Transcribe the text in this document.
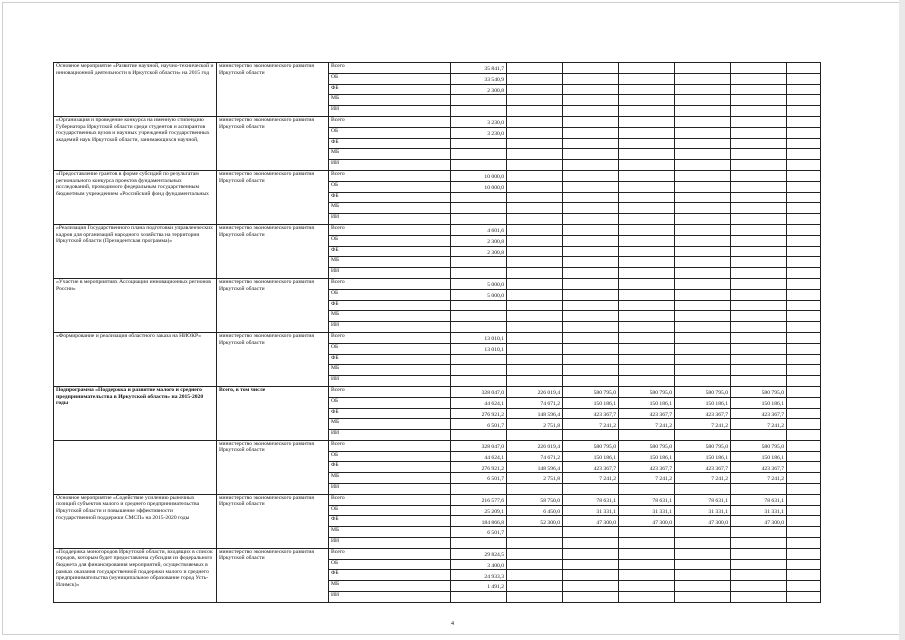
Основное мероприятие «Развитие научной, научно-технической и инновационной деятельности в Иркутской области» на 2015 год	министерство экономического развития Иркутской области	Всего	35 841,7							
		ОБ	33 540,9							
		ФБ	2 300,8							
		МБ								
		ИИ								
«Организация и проведение конкурса на именную стипендию Губернатора Иркутской области среди студентов и аспирантов государственных вузов и научных учреждений государственных академий наук Иркутской области, занимающихся научной,	министерство экономического развития Иркутской области	Всего	3 230,0							
		ОБ	3 230,0							
		ФБ								
		МБ								
		ИИ								
«Предоставление грантов в форме субсидий по результатам регионального конкурса проектов фундаментальных исследований, проводимого федеральным государственным бюджетным учреждением «Российский фонд фундаментальных	министерство экономического развития Иркутской области	Всего	10 000,0							
		ОБ	10 000,0							
		ФБ								
		МБ								
		ИИ								
«Реализация Государственного плана подготовки управленческих кадров для организаций народного хозяйства на территории Иркутской области (Президентская программа)»	министерство экономического развития Иркутской области	Всего	4 601,6							
		ОБ	2 300,8							
		ФБ	2 300,8							
		МБ								
		ИИ								
«Участие в мероприятиях Ассоциации инновационных регионов России»	министерство экономического развития Иркутской области	Всего	5 000,0							
		ОБ	5 000,0							
		ФБ								
		МБ								
		ИИ								
«Формирование и реализация областного заказа на НИОКР»	министерство экономического развития Иркутской области	Всего	13 010,1							
		ОБ	13 010,1							
		ФБ								
		МБ								
		ИИ								
Подпрограмма «Поддержка и развитие малого и среднего предпринимательства в Иркутской области» на 2015-2020 годы	Всего, в том числе	Всего	328 047,0	226 019,4	580 795,0	580 795,0	580 795,0	580 795,0		
		ОБ	44 624,1	74 671,2	150 186,1	150 186,1	150 186,1	150 186,1		
		ФБ	276 921,2	148 596,4	423 367,7	423 367,7	423 367,7	423 367,7		
		МБ	6 501,7	2 751,8	7 241,2	7 241,2	7 241,2	7 241,2		
		ИИ								
	министерство экономического развития Иркутской области	Всего	328 047,0	226 019,4	580 795,0	580 795,0	580 795,0	580 795,0		
		ОБ	44 624,1	74 671,2	150 186,1	150 186,1	150 186,1	150 186,1		
		ФБ	276 921,2	148 596,4	423 367,7	423 367,7	423 367,7	423 367,7		
		МБ	6 501,7	2 751,8	7 241,2	7 241,2	7 241,2	7 241,2		
		ИИ								
Основное мероприятие «Содействие усилению рыночных позиций субъектов малого и среднего предпринимательства Иркутской области и повышение эффективности государственной поддержки СМСП» на 2015-2020 годы	министерство экономического развития Иркутской области	Всего	216 577,6	58 750,0	78 631,1	78 631,1	78 631,1	78 631,1		
		ОБ	25 209,1	6 450,0	31 331,1	31 331,1	31 331,1	31 331,1		
		ФБ	184 866,8	52 300,0	47 300,0	47 300,0	47 300,0	47 300,0		
		МБ	6 501,7							
		ИИ								
«Поддержка моногородов Иркутской области, входящих в список городов, которым будет предоставлена субсидия из федерального бюджета для финансирования мероприятий, осуществляемых в рамках оказания государственной поддержки малого и среднего предпринимательства (муниципальное образование город Усть-Илимск)»	министерство экономического развития Иркутской области	Всего	29 824,5							
		ОБ	3 400,0							
		ФБ	24 933,3							
		МБ	1 491,2							
		ИИ								
4
